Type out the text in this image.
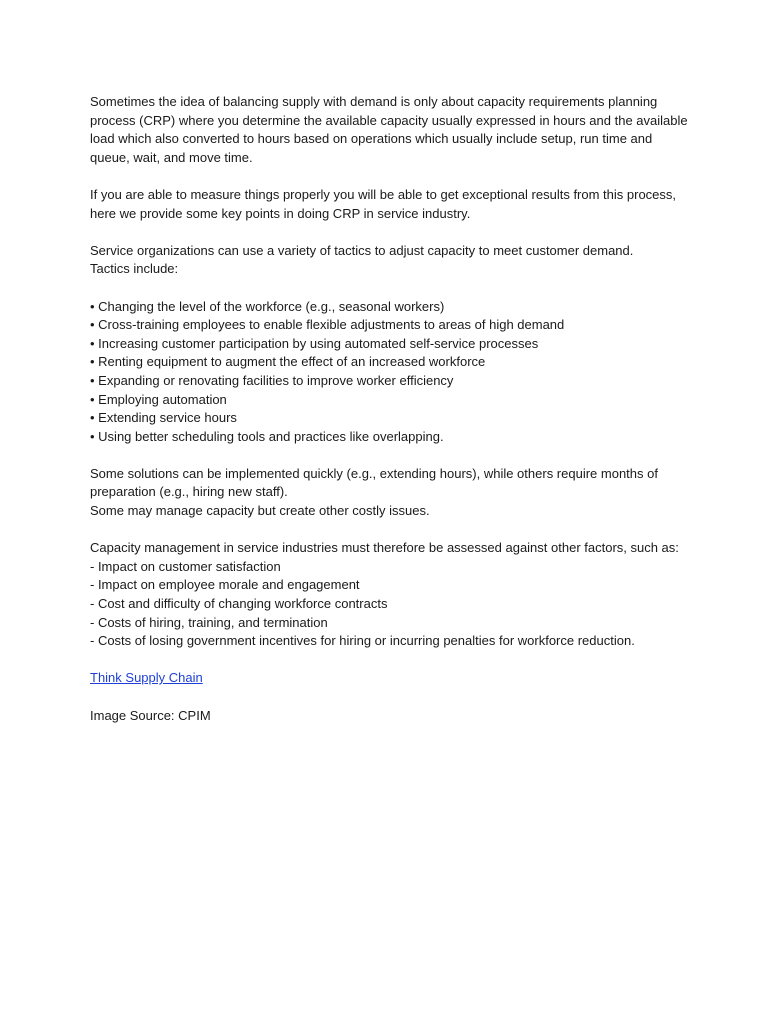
Sometimes the idea of balancing supply with demand is only about capacity requirements planning
process (CRP) where you determine the available capacity usually expressed in hours and the available
load which also converted to hours based on operations which usually include setup, run time and
queue, wait, and move time.

If you are able to measure things properly you will be able to get exceptional results from this process,
here we provide some key points in doing CRP in service industry.

Service organizations can use a variety of tactics to adjust capacity to meet customer demand.
Tactics include:

• Changing the level of the workforce (e.g., seasonal workers)
• Cross-training employees to enable flexible adjustments to areas of high demand
• Increasing customer participation by using automated self-service processes
• Renting equipment to augment the effect of an increased workforce
• Expanding or renovating facilities to improve worker efficiency
• Employing automation
• Extending service hours
• Using better scheduling tools and practices like overlapping.

Some solutions can be implemented quickly (e.g., extending hours), while others require months of
preparation (e.g., hiring new staff).
Some may manage capacity but create other costly issues.

Capacity management in service industries must therefore be assessed against other factors, such as:
- Impact on customer satisfaction
- Impact on employee morale and engagement
- Cost and difficulty of changing workforce contracts
- Costs of hiring, training, and termination
- Costs of losing government incentives for hiring or incurring penalties for workforce reduction.

Think Supply Chain

Image Source: CPIM
